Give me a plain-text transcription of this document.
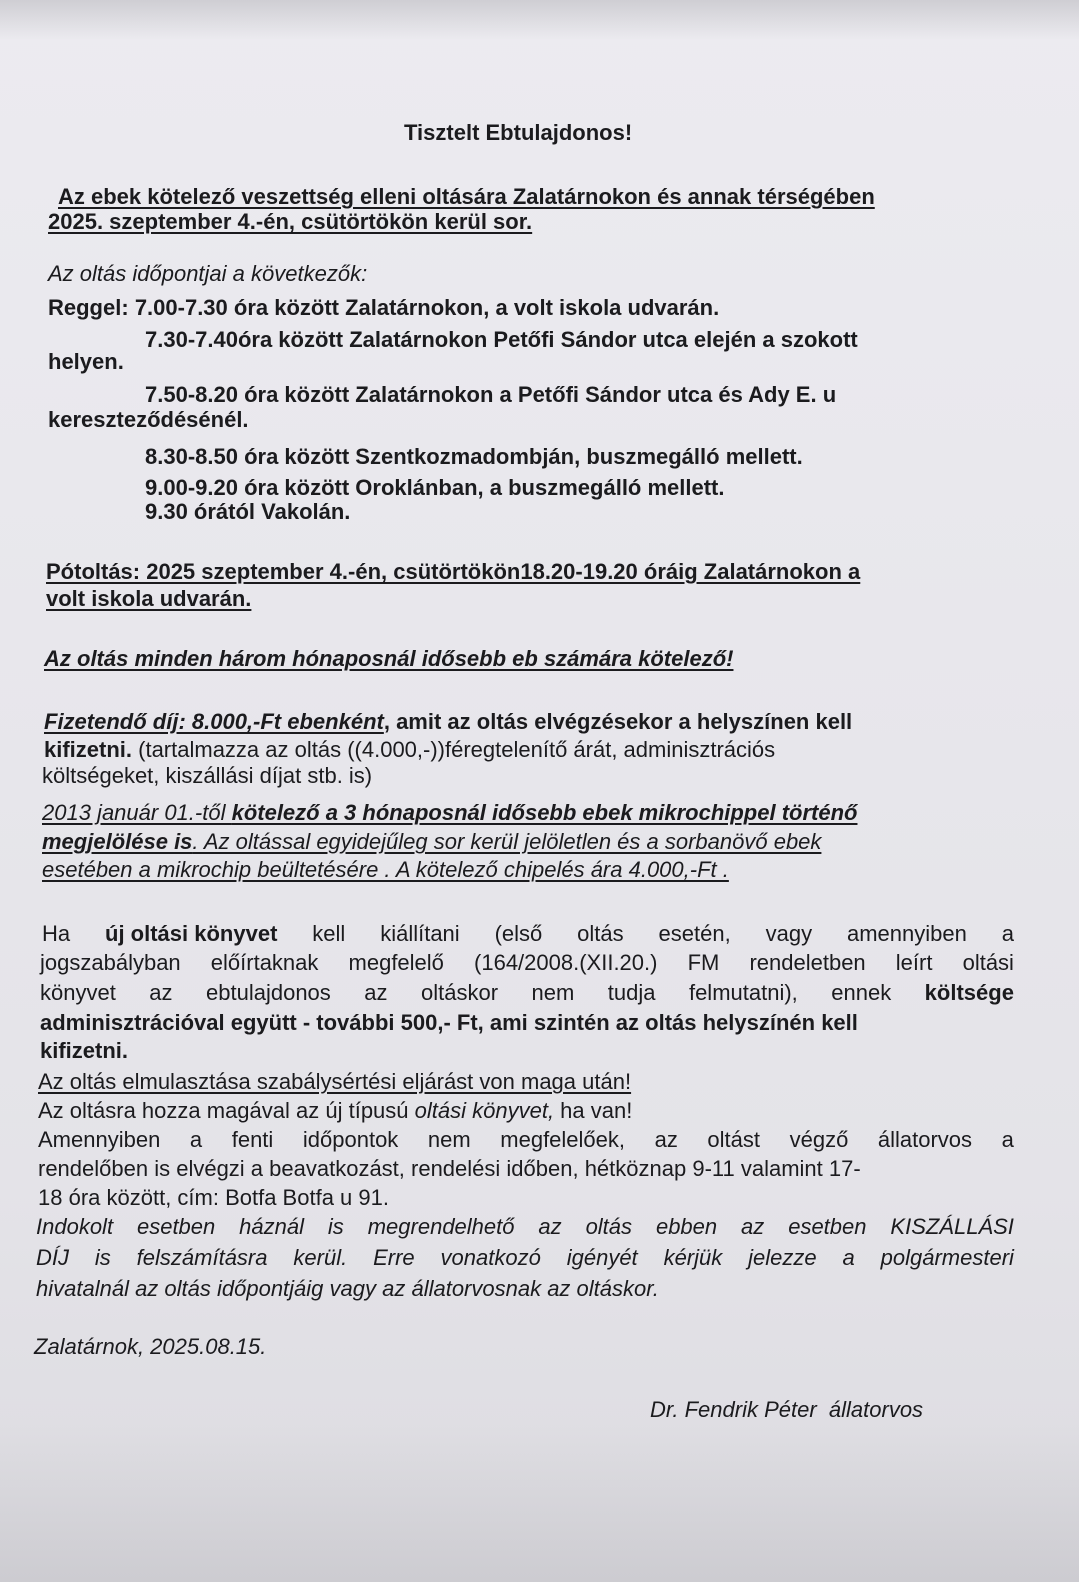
Tisztelt Ebtulajdonos!
Az ebek kötelező veszettség elleni oltására Zalatárnokon és annak térségében
2025. szeptember 4.-én, csütörtökön kerül sor.
Az oltás időpontjai a következők:
Reggel: 7.00-7.30 óra között Zalatárnokon, a volt iskola udvarán.
7.30-7.40óra között Zalatárnokon Petőfi Sándor utca elején a szokott
helyen.
7.50-8.20 óra között Zalatárnokon a Petőfi Sándor utca és Ady E. u
kereszteződésénél.
8.30-8.50 óra között Szentkozmadombján, buszmegálló mellett.
9.00-9.20 óra között Oroklánban, a buszmegálló mellett.
9.30 órától Vakolán.
Pótoltás: 2025 szeptember 4.-én, csütörtökön18.20-19.20 óráig Zalatárnokon a
volt iskola udvarán.
Az oltás minden három hónaposnál idősebb eb számára kötelező!
Fizetendő díj: 8.000,-Ft ebenként, amit az oltás elvégzésekor a helyszínen kell
kifizetni. (tartalmazza az oltás ((4.000,-))féregtelenítő árát, adminisztrációs
költségeket, kiszállási díjat stb. is)
2013 január 01.-től kötelező a 3 hónaposnál idősebb ebek mikrochippel történő
megjelölése is. Az oltással egyidejűleg sor kerül jelöletlen és a sorbanövő ebek
esetében a mikrochip beültetésére . A kötelező chipelés ára 4.000,-Ft .
Ha új oltási könyvet kell kiállítani (első oltás esetén, vagy amennyiben a
jogszabályban előírtaknak megfelelő (164/2008.(XII.20.) FM rendeletben leírt oltási
könyvet az ebtulajdonos az oltáskor nem tudja felmutatni), ennek költsége
adminisztrációval együtt - további 500,- Ft, ami szintén az oltás helyszínén kell
kifizetni.
Az oltás elmulasztása szabálysértési eljárást von maga után!
Az oltásra hozza magával az új típusú oltási könyvet, ha van!
Amennyiben a fenti időpontok nem megfelelőek, az oltást végző állatorvos a
rendelőben is elvégzi a beavatkozást, rendelési időben, hétköznap 9-11 valamint 17-
18 óra között, cím: Botfa Botfa u 91.
Indokolt esetben háznál is megrendelhető az oltás ebben az esetben KISZÁLLÁSI
DÍJ is felszámításra kerül. Erre vonatkozó igényét kérjük jelezze a polgármesteri
hivatalnál az oltás időpontjáig vagy az állatorvosnak az oltáskor.
Zalatárnok, 2025.08.15.
Dr. Fendrik Péter  állatorvos
